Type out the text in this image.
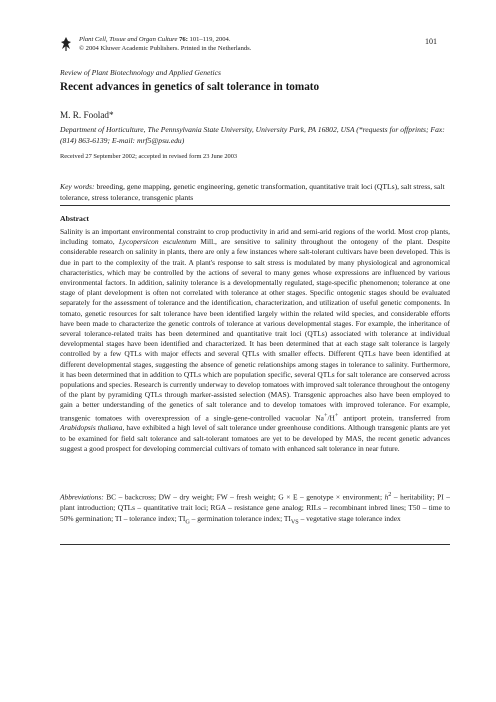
Plant Cell, Tissue and Organ Culture 76: 101–119, 2004.
© 2004 Kluwer Academic Publishers. Printed in the Netherlands.
101
Review of Plant Biotechnology and Applied Genetics
Recent advances in genetics of salt tolerance in tomato
M. R. Foolad*
Department of Horticulture, The Pennsylvania State University, University Park, PA 16802, USA (*requests for offprints; Fax: (814) 863-6139; E-mail: mrf5@psu.edu)
Received 27 September 2002; accepted in revised form 23 June 2003
Key words: breeding, gene mapping, genetic engineering, genetic transformation, quantitative trait loci (QTLs), salt stress, salt tolerance, stress tolerance, transgenic plants
Abstract

Salinity is an important environmental constraint to crop productivity in arid and semi-arid regions of the world. Most crop plants, including tomato, Lycopersicon esculentum Mill., are sensitive to salinity throughout the ontogeny of the plant. Despite considerable research on salinity in plants, there are only a few instances where salt-tolerant cultivars have been developed. This is due in part to the complexity of the trait. A plant's response to salt stress is modulated by many physiological and agronomical characteristics, which may be controlled by the actions of several to many genes whose expressions are influenced by various environmental factors. In addition, salinity tolerance is a developmentally regulated, stage-specific phenomenon; tolerance at one stage of plant development is often not correlated with tolerance at other stages. Specific ontogenic stages should be evaluated separately for the assessment of tolerance and the identification, characterization, and utilization of useful genetic components. In tomato, genetic resources for salt tolerance have been identified largely within the related wild species, and considerable efforts have been made to characterize the genetic controls of tolerance at various developmental stages. For example, the inheritance of several tolerance-related traits has been determined and quantitative trait loci (QTLs) associated with tolerance at individual developmental stages have been identified and characterized. It has been determined that at each stage salt tolerance is largely controlled by a few QTLs with major effects and several QTLs with smaller effects. Different QTLs have been identified at different developmental stages, suggesting the absence of genetic relationships among stages in tolerance to salinity. Furthermore, it has been determined that in addition to QTLs which are population specific, several QTLs for salt tolerance are conserved across populations and species. Research is currently underway to develop tomatoes with improved salt tolerance throughout the ontogeny of the plant by pyramiding QTLs through marker-assisted selection (MAS). Transgenic approaches also have been employed to gain a better understanding of the genetics of salt tolerance and to develop tomatoes with improved tolerance. For example, transgenic tomatoes with overexpression of a single-gene-controlled vacuolar Na+/H+ antiport protein, transferred from Arabidopsis thaliana, have exhibited a high level of salt tolerance under greenhouse conditions. Although transgenic plants are yet to be examined for field salt tolerance and salt-tolerant tomatoes are yet to be developed by MAS, the recent genetic advances suggest a good prospect for developing commercial cultivars of tomato with enhanced salt tolerance in near future.

Abbreviations: BC – backcross; DW – dry weight; FW – fresh weight; G × E – genotype × environment; $h^2$ – heritability; PI – plant introduction; QTLs – quantitative trait loci; RGA – resistance gene analog; RILs – recombinant inbred lines; T50 – time to 50% germination; TI – tolerance index; $TI_G$ – germination tolerance index; $TI_{VS}$ – vegetative stage tolerance index
